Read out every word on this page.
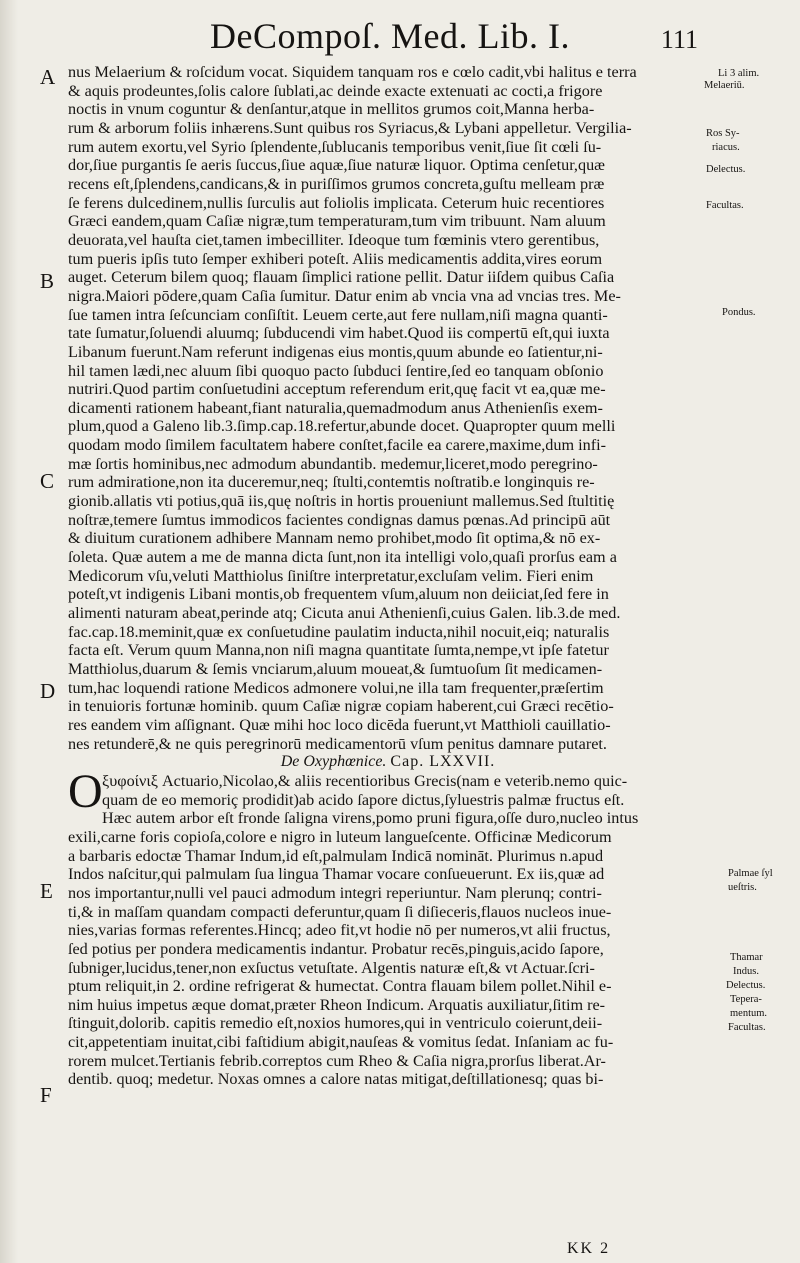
DeCompoſ. Med. Lib. I.	111
A
B
C
D
E
F
Li 3 alim.
Melaeriū.
Ros Sy-
riacus.
Delectus.
Facultas.
Pondus.
Palmae ſyl
ueſtris.
Thamar
Indus.
Delectus.
Tepera-
mentum.
Facultas.
nus Melaerium & roſcidum vocat. Siquidem tanquam ros e cœlo cadit,vbi halitus e terra
& aquis prodeuntes,ſolis calore ſublati,ac deinde exacte extenuati ac cocti,a frigore
noctis in vnum coguntur & denſantur,atque in mellitos grumos coit,Manna herba-
rum & arborum foliis inhærens.Sunt quibus ros Syriacus,& Lybani appelletur. Vergilia-
rum autem exortu,vel Syrio ſplendente,ſublucanis temporibus venit,ſiue ſit cœli ſu-
dor,ſiue purgantis ſe aeris ſuccus,ſiue aquæ,ſiue naturæ liquor. Optima cenſetur,quæ
recens eſt,ſplendens,candicans,& in puriſſimos grumos concreta,guſtu melleam præ
ſe ferens dulcedinem,nullis ſurculis aut foliolis implicata. Ceterum huic recentiores
Græci eandem,quam Caſiæ nigræ,tum temperaturam,tum vim tribuunt. Nam aluum
deuorata,vel hauſta ciet,tamen imbecilliter. Ideoque tum fœminis vtero gerentibus,
tum pueris ipſis tuto ſemper exhiberi poteſt. Aliis medicamentis addita,vires eorum
auget. Ceterum bilem quoq; flauam ſimplici ratione pellit. Datur iiſdem quibus Caſia
nigra.Maiori pōdere,quam Caſia ſumitur. Datur enim ab vncia vna ad vncias tres. Me-
ſue tamen intra ſeſcunciam conſiſtit. Leuem certe,aut fere nullam,niſi magna quanti-
tate ſumatur,ſoluendi aluumq; ſubducendi vim habet.Quod iis compertū eſt,qui iuxta
Libanum fuerunt.Nam referunt indigenas eius montis,quum abunde eo ſatientur,ni-
hil tamen lædi,nec aluum ſibi quoquo pacto ſubduci ſentire,ſed eo tanquam obſonio
nutriri.Quod partim conſuetudini acceptum referendum erit,quę facit vt ea,quæ me-
dicamenti rationem habeant,fiant naturalia,quemadmodum anus Athenienſis exem-
plum,quod a Galeno lib.3.ſimp.cap.18.refertur,abunde docet. Quapropter quum melli
quodam modo ſimilem facultatem habere conſtet,facile ea carere,maxime,dum infi-
mæ ſortis hominibus,nec admodum abundantib. medemur,liceret,modo peregrino-
rum admiratione,non ita duceremur,neq; ſtulti,contemtis noſtratib.e longinquis re-
gionib.allatis vti potius,quā iis,quę noſtris in hortis proueniunt mallemus.Sed ſtultitię
noſtræ,temere ſumtus immodicos facientes condignas damus pœnas.Ad principū aūt
& diuitum curationem adhibere Mannam nemo prohibet,modo ſit optima,& nō ex-
ſoleta. Quæ autem a me de manna dicta ſunt,non ita intelligi volo,quaſi prorſus eam a
Medicorum vſu,veluti Matthiolus ſiniſtre interpretatur,excluſam velim. Fieri enim
poteſt,vt indigenis Libani montis,ob frequentem vſum,aluum non deiiciat,ſed fere in
alimenti naturam abeat,perinde atq; Cicuta anui Athenienſi,cuius Galen. lib.3.de med.
fac.cap.18.meminit,quæ ex conſuetudine paulatim inducta,nihil nocuit,eiq; naturalis
facta eſt. Verum quum Manna,non niſi magna quantitate ſumta,nempe,vt ipſe fatetur
Matthiolus,duarum & ſemis vnciarum,aluum moueat,& ſumtuoſum ſit medicamen-
tum,hac loquendi ratione Medicos admonere volui,ne illa tam frequenter,præſertim
in tenuioris fortunæ hominib. quum Caſiæ nigræ copiam haberent,cui Græci recētio-
res eandem vim aſſignant. Quæ mihi hoc loco dicēda fuerunt,vt Matthioli cauillatio-
nes retunderē,& ne quis peregrinorū medicamentorū vſum penitus damnare putaret.
De Oxyphœnice. Cap. LXXVII.
O ξυφοίνιξ Actuario,Nicolao,& aliis recentioribus Grecis(nam e veterib.nemo quic-
quam de eo memoriç prodidit)ab acido ſapore dictus,ſyluestris palmæ fructus eſt.
Hæc autem arbor eſt fronde ſaligna virens,pomo pruni figura,oſſe duro,nucleo intus
exili,carne foris copioſa,colore e nigro in luteum langueſcente. Officinæ Medicorum
a barbaris edoctæ Thamar Indum,id eſt,palmulam Indicā nomināt. Plurimus n.apud
Indos naſcitur,qui palmulam ſua lingua Thamar vocare conſueuerunt. Ex iis,quæ ad
nos importantur,nulli vel pauci admodum integri reperiuntur. Nam plerunq; contri-
ti,& in maſſam quandam compacti deferuntur,quam ſi diſieceris,flauos nucleos inue-
nies,varias formas referentes.Hincq; adeo fit,vt hodie nō per numeros,vt alii fructus,
ſed potius per pondera medicamentis indantur. Probatur recēs,pinguis,acido ſapore,
ſubniger,lucidus,tener,non exſuctus vetuſtate. Algentis naturæ eſt,& vt Actuar.ſcri-
ptum reliquit,in 2. ordine refrigerat & humectat. Contra flauam bilem pollet.Nihil e-
nim huius impetus æque domat,præter Rheon Indicum. Arquatis auxiliatur,ſitim re-
ſtinguit,dolorib. capitis remedio eſt,noxios humores,qui in ventriculo coierunt,deii-
cit,appetentiam inuitat,cibi faſtidium abigit,nauſeas & vomitus ſedat. Inſaniam ac fu-
rorem mulcet.Tertianis febrib.correptos cum Rheo & Caſia nigra,prorſus liberat.Ar-
dentib. quoq; medetur. Noxas omnes a calore natas mitigat,deſtillationesq; quas bi-
KK 2
